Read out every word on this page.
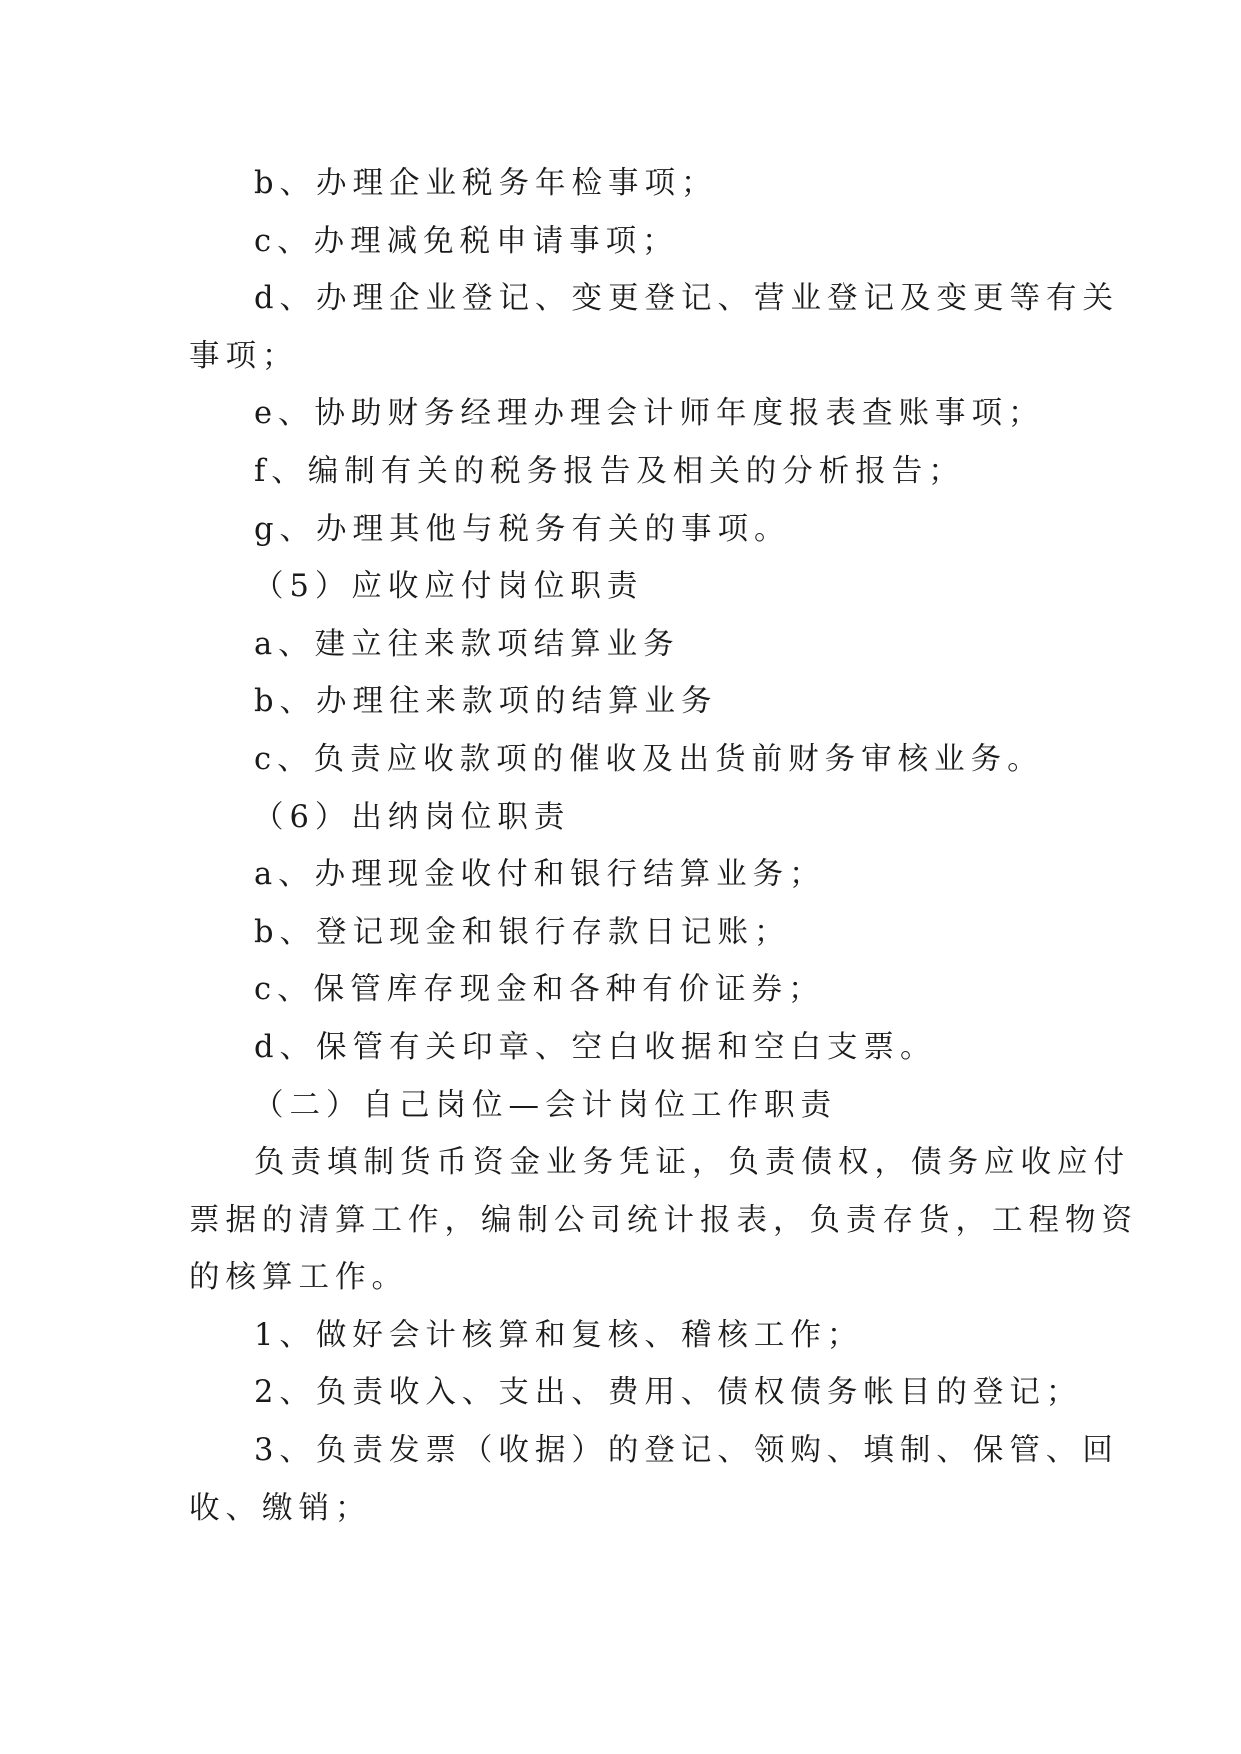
b、办理企业税务年检事项；

c、办理减免税申请事项；

d、办理企业登记、变更登记、营业登记及变更等有关

事项；

e、协助财务经理办理会计师年度报表查账事项；

f、编制有关的税务报告及相关的分析报告；

g、办理其他与税务有关的事项。

（5）应收应付岗位职责

a、建立往来款项结算业务

b、办理往来款项的结算业务

c、负责应收款项的催收及出货前财务审核业务。

（6）出纳岗位职责

a、办理现金收付和银行结算业务；

b、登记现金和银行存款日记账；

c、保管库存现金和各种有价证券；

d、保管有关印章、空白收据和空白支票。

（二）自己岗位—会计岗位工作职责

负责填制货币资金业务凭证，负责债权，债务应收应付

票据的清算工作，编制公司统计报表，负责存货，工程物资

的核算工作。

1、做好会计核算和复核、稽核工作；

2、负责收入、支出、费用、债权债务帐目的登记；

3、负责发票（收据）的登记、领购、填制、保管、回

收、缴销；
